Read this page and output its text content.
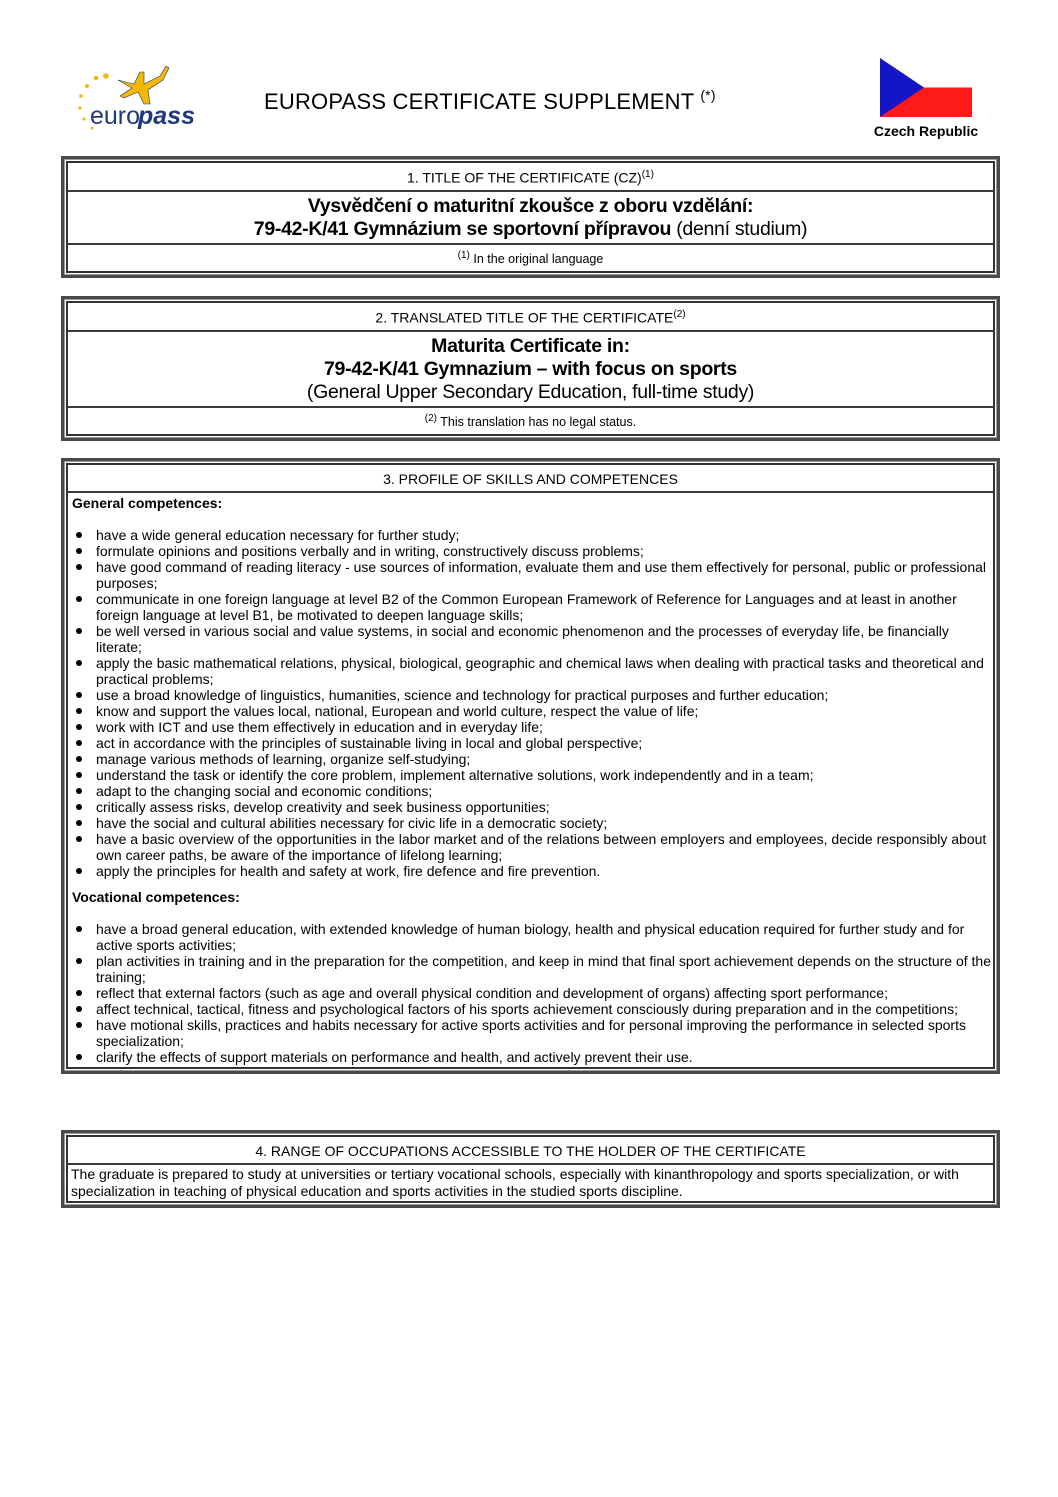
euro
pass
EUROPASS CERTIFICATE SUPPLEMENT (*)
Czech Republic
1. TITLE OF THE CERTIFICATE (CZ)$^{(1)}$
Vysvědčení o maturitní zkoušce z oboru vzdělání:
79-42-K/41 Gymnázium se sportovní přípravou (denní studium)
$^{(1)}$ In the original language
2. TRANSLATED TITLE OF THE CERTIFICATE$^{(2)}$
Maturita Certificate in:
79-42-K/41 Gymnazium – with focus on sports
(General Upper Secondary Education, full-time study)
$^{(2)}$ This translation has no legal status.
3. PROFILE OF SKILLS AND COMPETENCES
General competences:
have a wide general education necessary for further study;
formulate opinions and positions verbally and in writing, constructively discuss problems;
have good command of reading literacy - use sources of information, evaluate them and use them effectively for personal, public or professional purposes;
communicate in one foreign language at level B2 of the Common European Framework of Reference for Languages and at least in another foreign language at level B1, be motivated to deepen language skills;
be well versed in various social and value systems, in social and economic phenomenon and the processes of everyday life, be financially literate;
apply the basic mathematical relations, physical, biological, geographic and chemical laws when dealing with practical tasks and theoretical and practical problems;
use a broad knowledge of linguistics, humanities, science and technology for practical purposes and further education;
know and support the values local, national, European and world culture, respect the value of life;
work with ICT and use them effectively in education and in everyday life;
act in accordance with the principles of sustainable living in local and global perspective;
manage various methods of learning, organize self-studying;
understand the task or identify the core problem, implement alternative solutions, work independently and in a team;
adapt to the changing social and economic conditions;
critically assess risks, develop creativity and seek business opportunities;
have the social and cultural abilities necessary for civic life in a democratic society;
have a basic overview of the opportunities in the labor market and of the relations between employers and employees, decide responsibly about own career paths, be aware of the importance of lifelong learning;
apply the principles for health and safety at work, fire defence and fire prevention.
Vocational competences:
have a broad general education, with extended knowledge of human biology, health and physical education required for further study and for active sports activities;
plan activities in training and in the preparation for the competition, and keep in mind that final sport achievement depends on the structure of the training;
reflect that external factors (such as age and overall physical condition and development of organs) affecting sport performance;
affect technical, tactical, fitness and psychological factors of his sports achievement consciously during preparation and in the competitions;
have motional skills, practices and habits necessary for active sports activities and for personal improving the performance in selected sports specialization;
clarify the effects of support materials on performance and health, and actively prevent their use.
4. RANGE OF OCCUPATIONS ACCESSIBLE TO THE HOLDER OF THE CERTIFICATE
The graduate is prepared to study at universities or tertiary vocational schools, especially with kinanthropology and sports specialization, or with specialization in teaching of physical education and sports activities in the studied sports discipline.
